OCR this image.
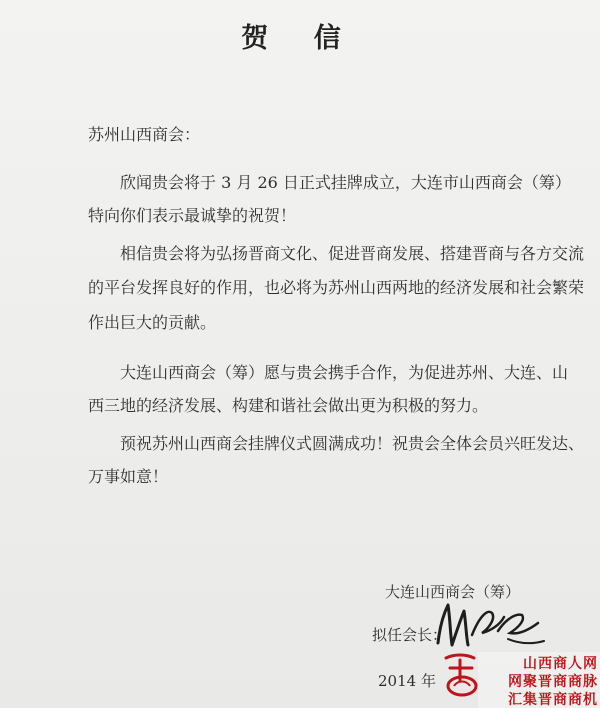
贺 信
苏州山西商会：
欣闻贵会将于 3 月 26 日正式挂牌成立，大连市山西商会（筹）
特向你们表示最诚挚的祝贺！
相信贵会将为弘扬晋商文化、促进晋商发展、搭建晋商与各方交流
的平台发挥良好的作用，也必将为苏州山西两地的经济发展和社会繁荣
作出巨大的贡献。
大连山西商会（筹）愿与贵会携手合作，为促进苏州、大连、山
西三地的经济发展、构建和谐社会做出更为积极的努力。
预祝苏州山西商会挂牌仪式圆满成功！祝贵会全体会员兴旺发达、
万事如意！
大连山西商会（筹）
拟任会长：
2014 年
山西商人网
网聚晋商商脉
汇集晋商商机
